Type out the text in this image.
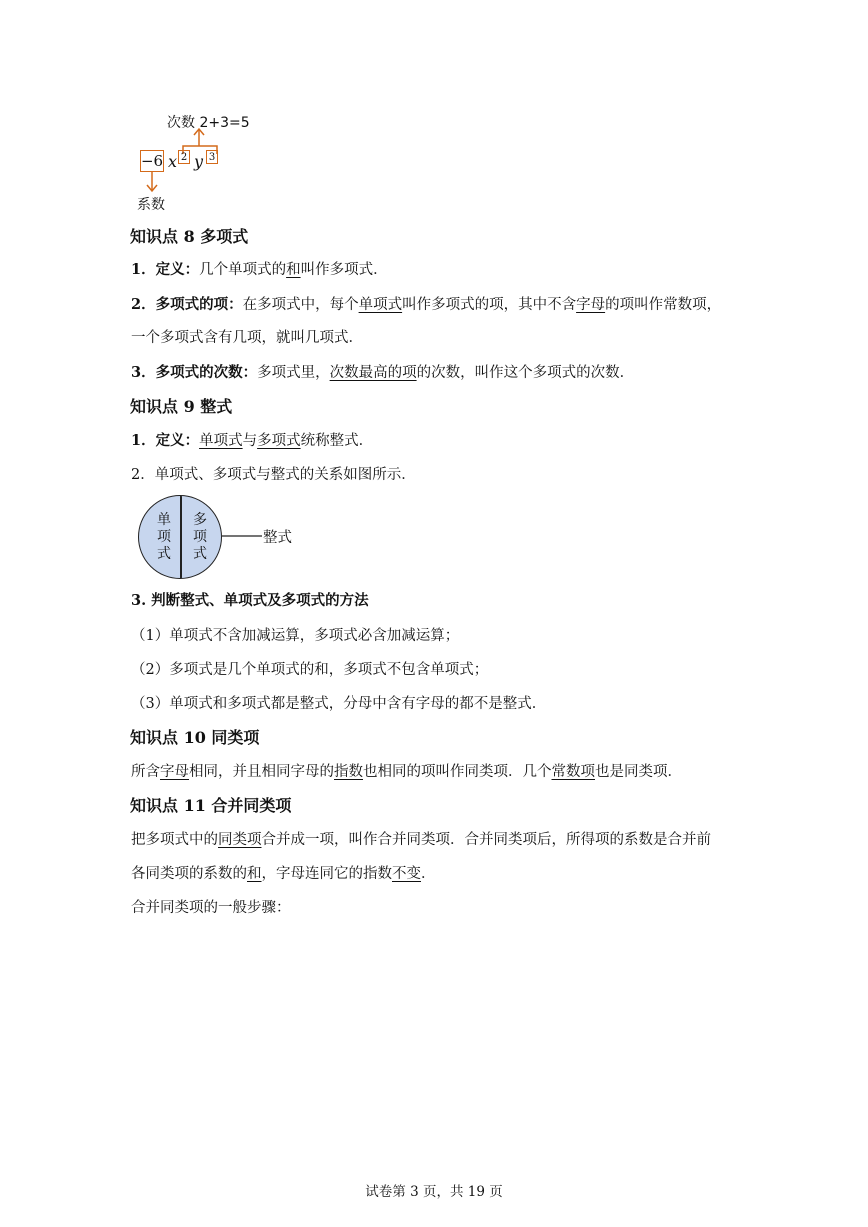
次数 2+3=5
−6 x 2 y 3
系数
知识点 8 多项式
1．定义：几个单项式的和叫作多项式．
2．多项式的项：在多项式中，每个单项式叫作多项式的项，其中不含字母的项叫作常数项，
一个多项式含有几项，就叫几项式．
3．多项式的次数：多项式里，次数最高的项的次数，叫作这个多项式的次数．
知识点 9 整式
1．定义：单项式与多项式统称整式．
2．单项式、多项式与整式的关系如图所示．
单项式
多项式
整式
3. 判断整式、单项式及多项式的方法
（1）单项式不含加减运算，多项式必含加减运算；
（2）多项式是几个单项式的和，多项式不包含单项式；
（3）单项式和多项式都是整式，分母中含有字母的都不是整式．
知识点 10 同类项
所含字母相同，并且相同字母的指数也相同的项叫作同类项．几个常数项也是同类项．
知识点 11 合并同类项
把多项式中的同类项合并成一项，叫作合并同类项．合并同类项后，所得项的系数是合并前
各同类项的系数的和，字母连同它的指数不变．
合并同类项的一般步骤：
试卷第 3 页，共 19 页
